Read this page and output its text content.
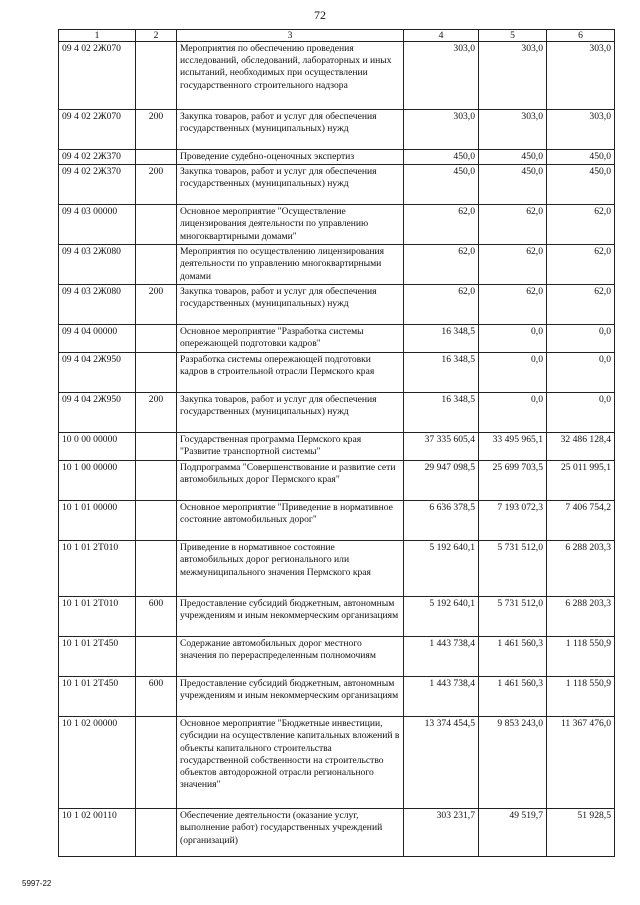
72
1	2	3	4	5	6
09 4 02 2Ж070		Мероприятия по обеспечению проведения исследований, обследований, лабораторных и иных испытаний, необходимых при осуществлении государственного строительного надзора	303,0	303,0	303,0
09 4 02 2Ж070	200	Закупка товаров, работ и услуг для обеспечения государственных (муниципальных) нужд	303,0	303,0	303,0
09 4 02 2Ж370		Проведение судебно-оценочных экспертиз	450,0	450,0	450,0
09 4 02 2Ж370	200	Закупка товаров, работ и услуг для обеспечения государственных (муниципальных) нужд	450,0	450,0	450,0
09 4 03 00000		Основное мероприятие "Осуществление лицензирования деятельности по управлению многоквартирными домами"	62,0	62,0	62,0
09 4 03 2Ж080		Мероприятия по осуществлению лицензирования деятельности по управлению многоквартирными домами	62,0	62,0	62,0
09 4 03 2Ж080	200	Закупка товаров, работ и услуг для обеспечения государственных (муниципальных) нужд	62,0	62,0	62,0
09 4 04 00000		Основное мероприятие "Разработка системы опережающей подготовки кадров"	16 348,5	0,0	0,0
09 4 04 2Ж950		Разработка системы опережающей подготовки кадров в строительной отрасли Пермского края	16 348,5	0,0	0,0
09 4 04 2Ж950	200	Закупка товаров, работ и услуг для обеспечения государственных (муниципальных) нужд	16 348,5	0,0	0,0
10 0 00 00000		Государственная программа Пермского края "Развитие транспортной системы"	37 335 605,4	33 495 965,1	32 486 128,4
10 1 00 00000		Подпрограмма "Совершенствование и развитие сети автомобильных дорог Пермского края"	29 947 098,5	25 699 703,5	25 011 995,1
10 1 01 00000		Основное мероприятие "Приведение в нормативное состояние автомобильных дорог"	6 636 378,5	7 193 072,3	7 406 754,2
10 1 01 2Т010		Приведение в нормативное состояние автомобильных дорог регионального или межмуниципального значения Пермского края	5 192 640,1	5 731 512,0	6 288 203,3
10 1 01 2Т010	600	Предоставление субсидий бюджетным, автономным учреждениям и иным некоммерческим организациям	5 192 640,1	5 731 512,0	6 288 203,3
10 1 01 2Т450		Содержание автомобильных дорог местного значения по перераспределенным полномочиям	1 443 738,4	1 461 560,3	1 118 550,9
10 1 01 2Т450	600	Предоставление субсидий бюджетным, автономным учреждениям и иным некоммерческим организациям	1 443 738,4	1 461 560,3	1 118 550,9
10 1 02 00000		Основное мероприятие "Бюджетные инвестиции, субсидии на осуществление капитальных вложений в объекты капитального строительства государственной собственности на строительство объектов автодорожной отрасли регионального значения"	13 374 454,5	9 853 243,0	11 367 476,0
10 1 02 00110		Обеспечение деятельности (оказание услуг, выполнение работ) государственных учреждений (организаций)	303 231,7	49 519,7	51 928,5
5997-22
